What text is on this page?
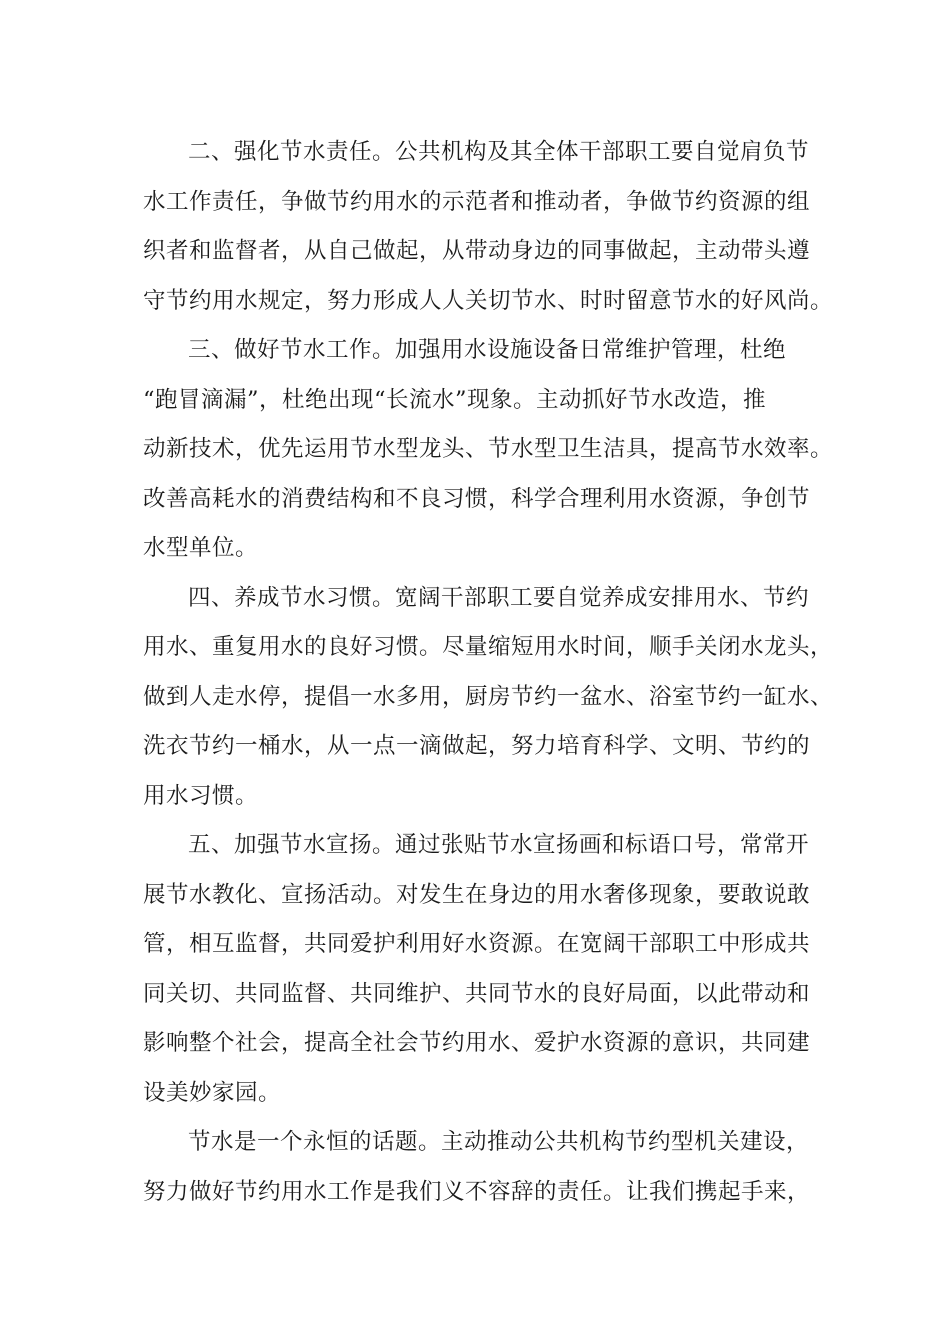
二、强化节水责任。公共机构及其全体干部职工要自觉肩负节
水工作责任，争做节约用水的示范者和推动者，争做节约资源的组
织者和监督者，从自己做起，从带动身边的同事做起，主动带头遵
守节约用水规定，努力形成人人关切节水、时时留意节水的好风尚。

三、做好节水工作。加强用水设施设备日常维护管理，杜绝
“跑冒滴漏”，杜绝出现“长流水”现象。主动抓好节水改造，推
动新技术，优先运用节水型龙头、节水型卫生洁具，提高节水效率。
改善高耗水的消费结构和不良习惯，科学合理利用水资源，争创节
水型单位。

四、养成节水习惯。宽阔干部职工要自觉养成安排用水、节约
用水、重复用水的良好习惯。尽量缩短用水时间，顺手关闭水龙头，
做到人走水停，提倡一水多用，厨房节约一盆水、浴室节约一缸水、
洗衣节约一桶水，从一点一滴做起，努力培育科学、文明、节约的
用水习惯。

五、加强节水宣扬。通过张贴节水宣扬画和标语口号，常常开
展节水教化、宣扬活动。对发生在身边的用水奢侈现象，要敢说敢
管，相互监督，共同爱护利用好水资源。在宽阔干部职工中形成共
同关切、共同监督、共同维护、共同节水的良好局面，以此带动和
影响整个社会，提高全社会节约用水、爱护水资源的意识，共同建
设美妙家园。

节水是一个永恒的话题。主动推动公共机构节约型机关建设，
努力做好节约用水工作是我们义不容辞的责任。让我们携起手来，
